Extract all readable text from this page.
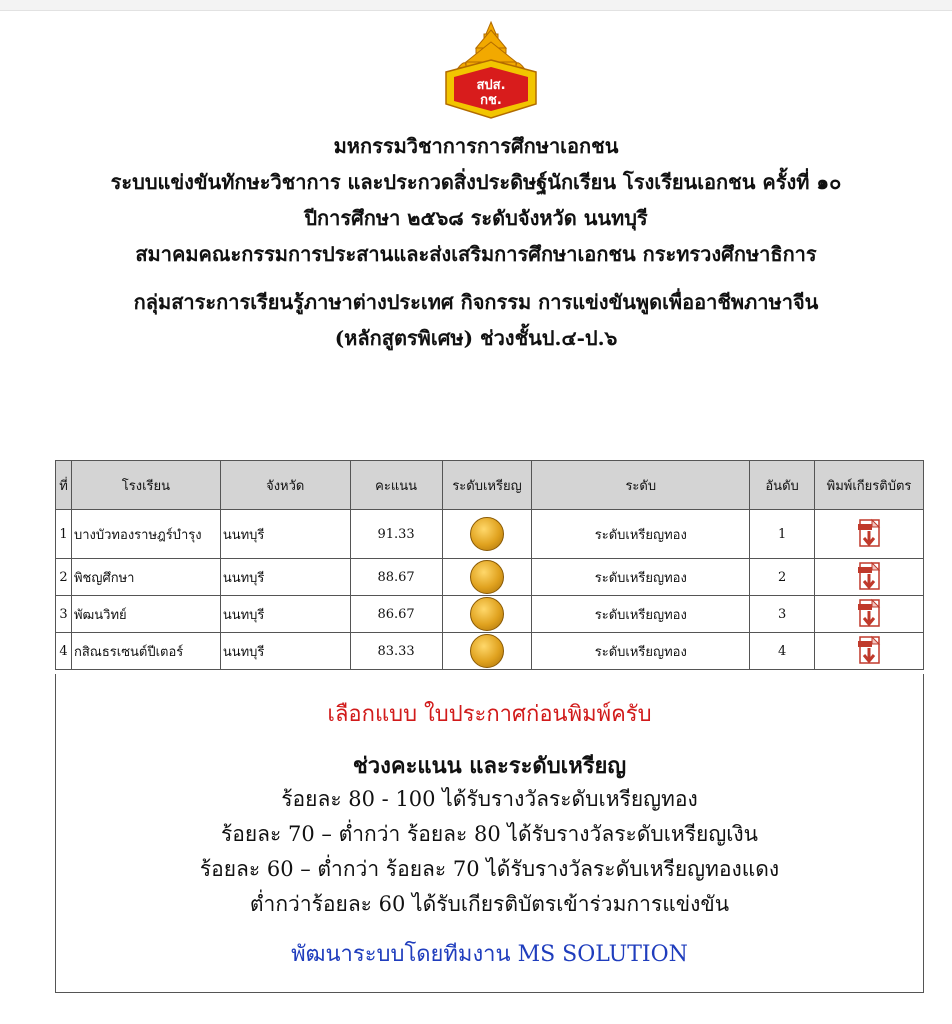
สปส.
กช.
มหกรรมวิชาการการศึกษาเอกชน
ระบบแข่งขันทักษะวิชาการ และประกวดสิ่งประดิษฐ์นักเรียน โรงเรียนเอกชน ครั้งที่ ๑๐
ปีการศึกษา ๒๕๖๘ ระดับจังหวัด นนทบุรี
สมาคมคณะกรรมการประสานและส่งเสริมการศึกษาเอกชน กระทรวงศึกษาธิการ
กลุ่มสาระการเรียนรู้ภาษาต่างประเทศ กิจกรรม การแข่งขันพูดเพื่ออาชีพภาษาจีน
(หลักสูตรพิเศษ) ช่วงชั้นป.๔-ป.๖
ที่	โรงเรียน	จังหวัด	คะแนน	ระดับเหรียญ	ระดับ	อันดับ	พิมพ์เกียรติบัตร
1	บางบัวทองราษฎร์บำรุง	นนทบุรี	91.33		ระดับเหรียญทอง	1	
2	พิชญศึกษา	นนทบุรี	88.67		ระดับเหรียญทอง	2	
3	พัฒนวิทย์	นนทบุรี	86.67		ระดับเหรียญทอง	3	
4	กสิณธรเซนต์ปีเตอร์	นนทบุรี	83.33		ระดับเหรียญทอง	4	
เลือกแบบ ใบประกาศก่อนพิมพ์ครับ
ช่วงคะแนน และระดับเหรียญ
ร้อยละ 80 - 100 ได้รับรางวัลระดับเหรียญทอง
ร้อยละ 70 – ต่ำกว่า ร้อยละ 80 ได้รับรางวัลระดับเหรียญเงิน
ร้อยละ 60 – ต่ำกว่า ร้อยละ 70 ได้รับรางวัลระดับเหรียญทองแดง
ต่ำกว่าร้อยละ 60 ได้รับเกียรติบัตรเข้าร่วมการแข่งขัน
พัฒนาระบบโดยทีมงาน MS SOLUTION
